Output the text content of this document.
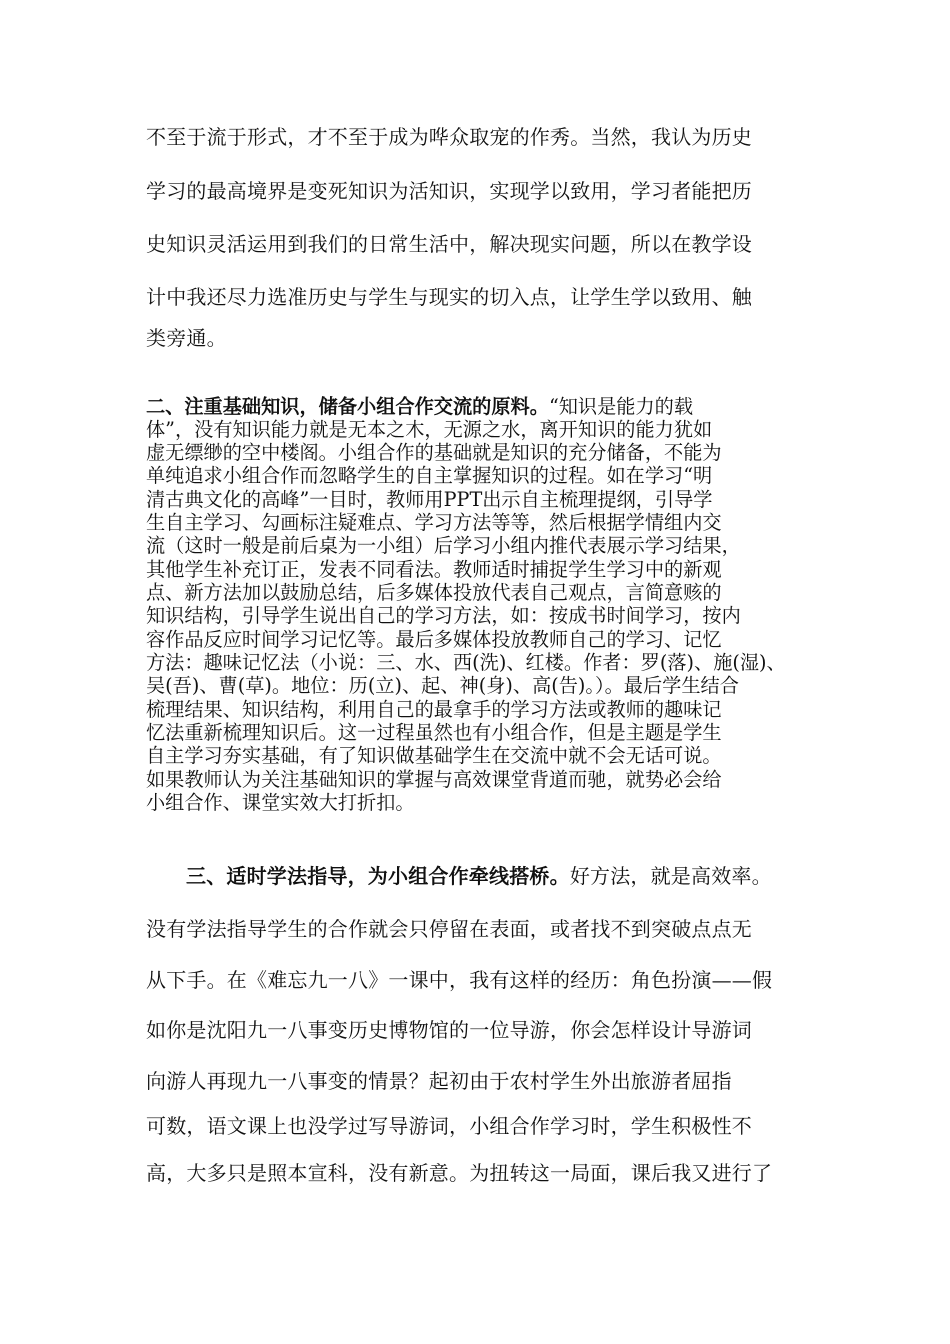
不至于流于形式，才不至于成为哗众取宠的作秀。当然，我认为历史
学习的最高境界是变死知识为活知识，实现学以致用，学习者能把历
史知识灵活运用到我们的日常生活中，解决现实问题，所以在教学设
计中我还尽力选准历史与学生与现实的切入点，让学生学以致用、触
类旁通。
二、注重基础知识，储备小组合作交流的原料。“知识是能力的载
体”，没有知识能力就是无本之木，无源之水，离开知识的能力犹如
虚无缥缈的空中楼阁。小组合作的基础就是知识的充分储备，不能为
单纯追求小组合作而忽略学生的自主掌握知识的过程。如在学习“明
清古典文化的高峰”一目时，教师用PPT出示自主梳理提纲，引导学
生自主学习、勾画标注疑难点、学习方法等等，然后根据学情组内交
流（这时一般是前后桌为一小组）后学习小组内推代表展示学习结果，
其他学生补充订正，发表不同看法。教师适时捕捉学生学习中的新观
点、新方法加以鼓励总结，后多媒体投放代表自己观点，言简意赅的
知识结构，引导学生说出自己的学习方法，如：按成书时间学习，按内
容作品反应时间学习记忆等。最后多媒体投放教师自己的学习、记忆
方法：趣味记忆法（小说：三、水、西(洗)、红楼。作者：罗(落)、施(湿)、
吴(吾)、曹(草)。地位：历(立)、起、神(身)、高(告)。）。最后学生结合
梳理结果、知识结构，利用自己的最拿手的学习方法或教师的趣味记
忆法重新梳理知识后。这一过程虽然也有小组合作，但是主题是学生
自主学习夯实基础，有了知识做基础学生在交流中就不会无话可说。
如果教师认为关注基础知识的掌握与高效课堂背道而驰，就势必会给
小组合作、课堂实效大打折扣。
三、适时学法指导，为小组合作牵线搭桥。好方法，就是高效率。
没有学法指导学生的合作就会只停留在表面，或者找不到突破点点无
从下手。在《难忘九一八》一课中，我有这样的经历：角色扮演——假
如你是沈阳九一八事变历史博物馆的一位导游，你会怎样设计导游词
向游人再现九一八事变的情景？起初由于农村学生外出旅游者屈指
可数，语文课上也没学过写导游词，小组合作学习时，学生积极性不
高，大多只是照本宣科，没有新意。为扭转这一局面，课后我又进行了
